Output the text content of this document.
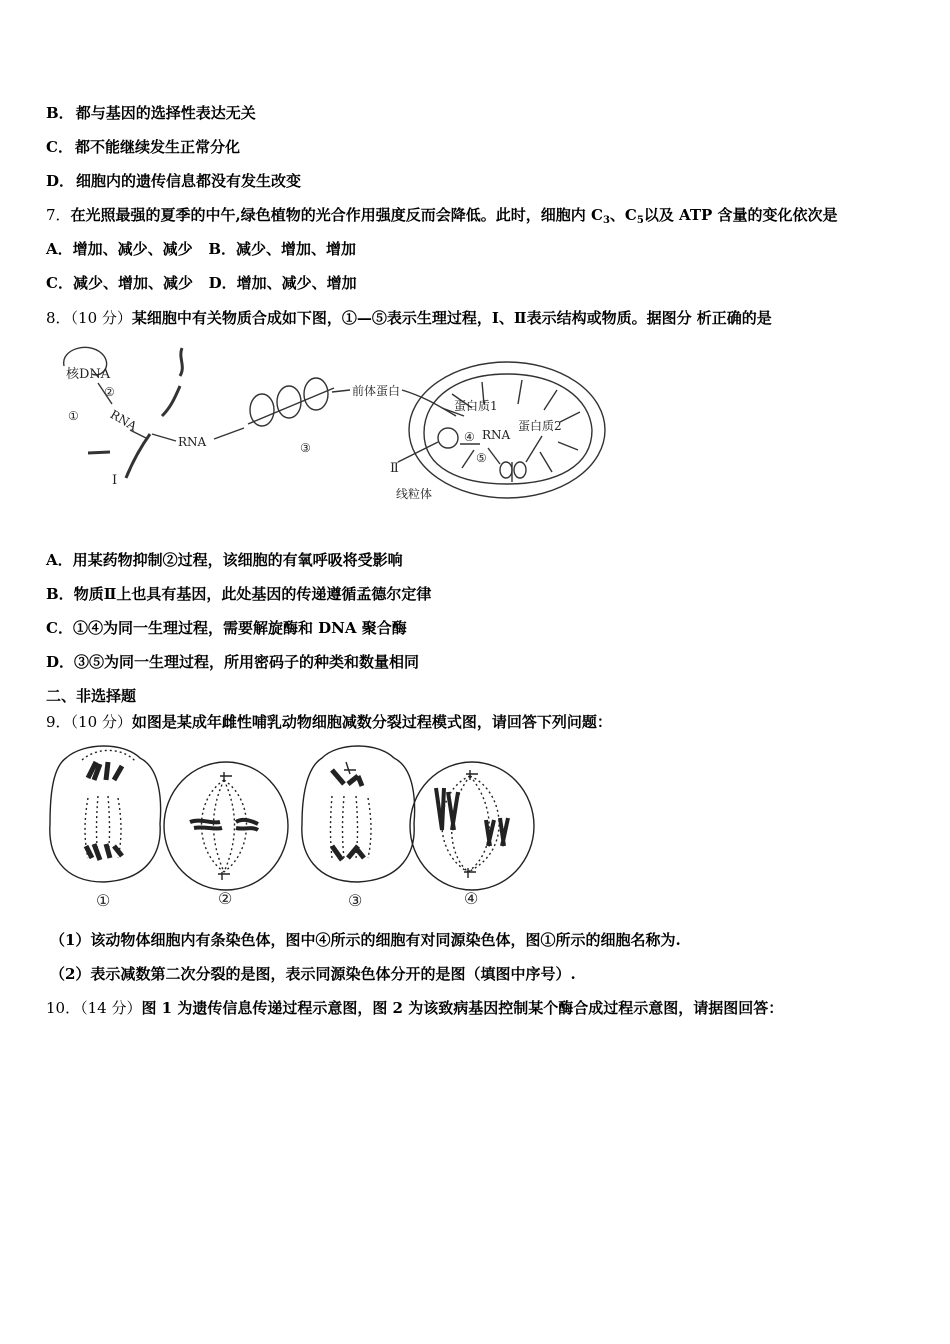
B． 都与基因的选择性表达无关
C． 都不能继续发生正常分化
D． 细胞内的遗传信息都没有发生改变
7．在光照最强的夏季的中午,绿色植物的光合作用强度反而会降低。此时，细胞内 $C_3$、$C_5$以及 ATP 含量的变化依次是
A．增加、减少、减少 B．减少、增加、增加
C．减少、增加、减少 D．增加、减少、增加
8．（10 分）某细胞中有关物质合成如下图，①—⑤表示生理过程，Ⅰ、Ⅱ表示结构或物质。据图分 析正确的是
核DNA
②
① RNA
Ⅰ
RNA	③
前体蛋白
蛋白质1
④ RNA
⑤
蛋白质2
Ⅱ
线粒体
A．用某药物抑制②过程，该细胞的有氧呼吸将受影响
B．物质Ⅱ上也具有基因，此处基因的传递遵循孟德尔定律
C．①④为同一生理过程，需要解旋酶和 DNA 聚合酶
D．③⑤为同一生理过程，所用密码子的种类和数量相同
二、非选择题
9．（10 分）如图是某成年雌性哺乳动物细胞减数分裂过程模式图，请回答下列问题：
①	②	③	④
（1）该动物体细胞内有条染色体，图中④所示的细胞有对同源染色体，图①所示的细胞名称为.
（2）表示减数第二次分裂的是图，表示同源染色体分开的是图（填图中序号）.
10．（14 分）图 1 为遗传信息传递过程示意图，图 2 为该致病基因控制某个酶合成过程示意图，请据图回答：
